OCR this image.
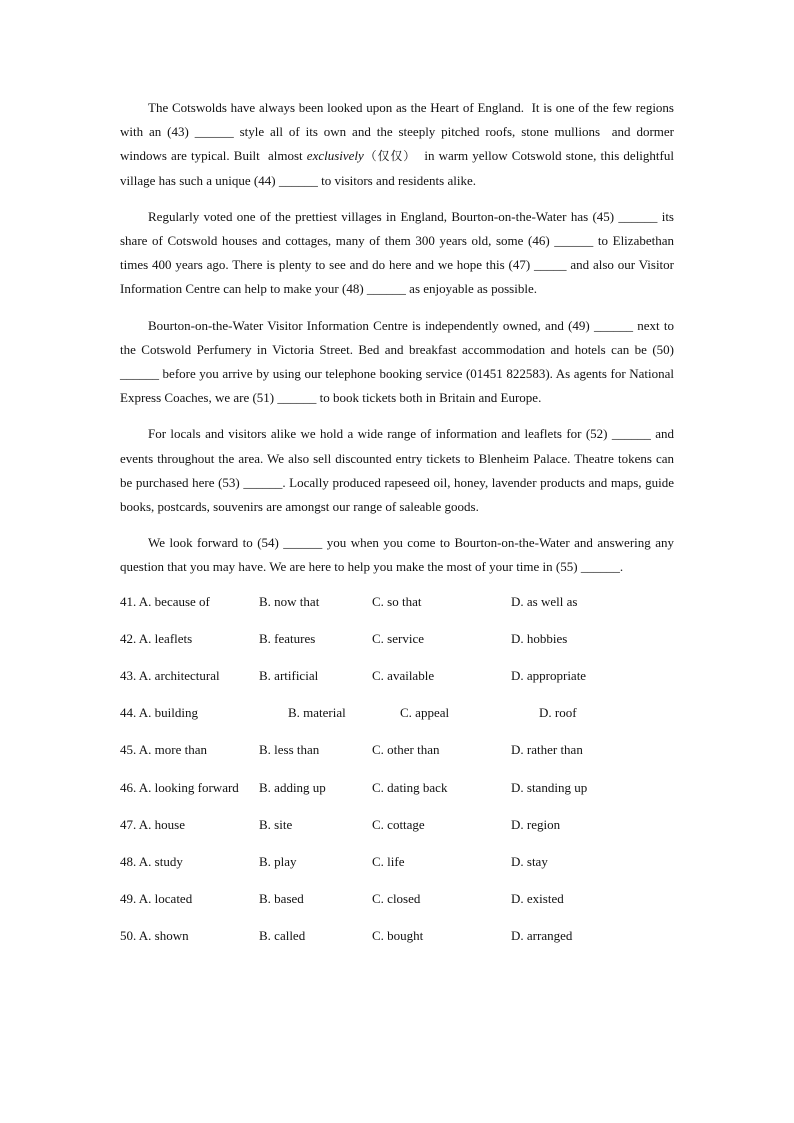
The Cotswolds have always been looked upon as the Heart of England.  It is one of the few regions with an (43) ______ style all of its own and the steeply pitched roofs, stone mullions  and dormer windows are typical. Built  almost exclusively（仅仅）  in warm yellow Cotswold stone, this delightful village has such a unique (44) ______ to visitors and residents alike.

Regularly voted one of the prettiest villages in England, Bourton-on-the-Water has (45) ______ its share of Cotswold houses and cottages, many of them 300 years old, some (46) ______ to Elizabethan times 400 years ago. There is plenty to see and do here and we hope this (47) _____ and also our Visitor Information Centre can help to make your (48) ______ as enjoyable as possible.

Bourton-on-the-Water Visitor Information Centre is independently owned, and (49) ______ next to the Cotswold Perfumery in Victoria Street. Bed and breakfast accommodation and hotels can be (50) ______ before you arrive by using our telephone booking service (01451 822583). As agents for National Express Coaches, we are (51) ______ to book tickets both in Britain and Europe.

For locals and visitors alike we hold a wide range of information and leaflets for (52) ______ and events throughout the area. We also sell discounted entry tickets to Blenheim Palace. Theatre tokens can be purchased here (53) ______. Locally produced rapeseed oil, honey, lavender products and maps, guide books, postcards, souvenirs are amongst our range of saleable goods.

We look forward to (54) ______ you when you come to Bourton-on-the-Water and answering any question that you may have. We are here to help you make the most of your time in (55) ______.

41. A. because of	B. now that	C. so that	D. as well as
42. A. leaflets	B. features	C. service	D. hobbies
43. A. architectural	B. artificial	C. available	D. appropriate
44. A. building	B. material	C. appeal	D. roof
45. A. more than	B. less than	C. other than	D. rather than
46. A. looking forward B. adding up	C. dating back	D. standing up
47. A. house	B. site	C. cottage	D. region
48. A. study	B. play	C. life	D. stay
49. A. located	B. based	C. closed	D. existed
50. A. shown	B. called	C. bought	D. arranged
